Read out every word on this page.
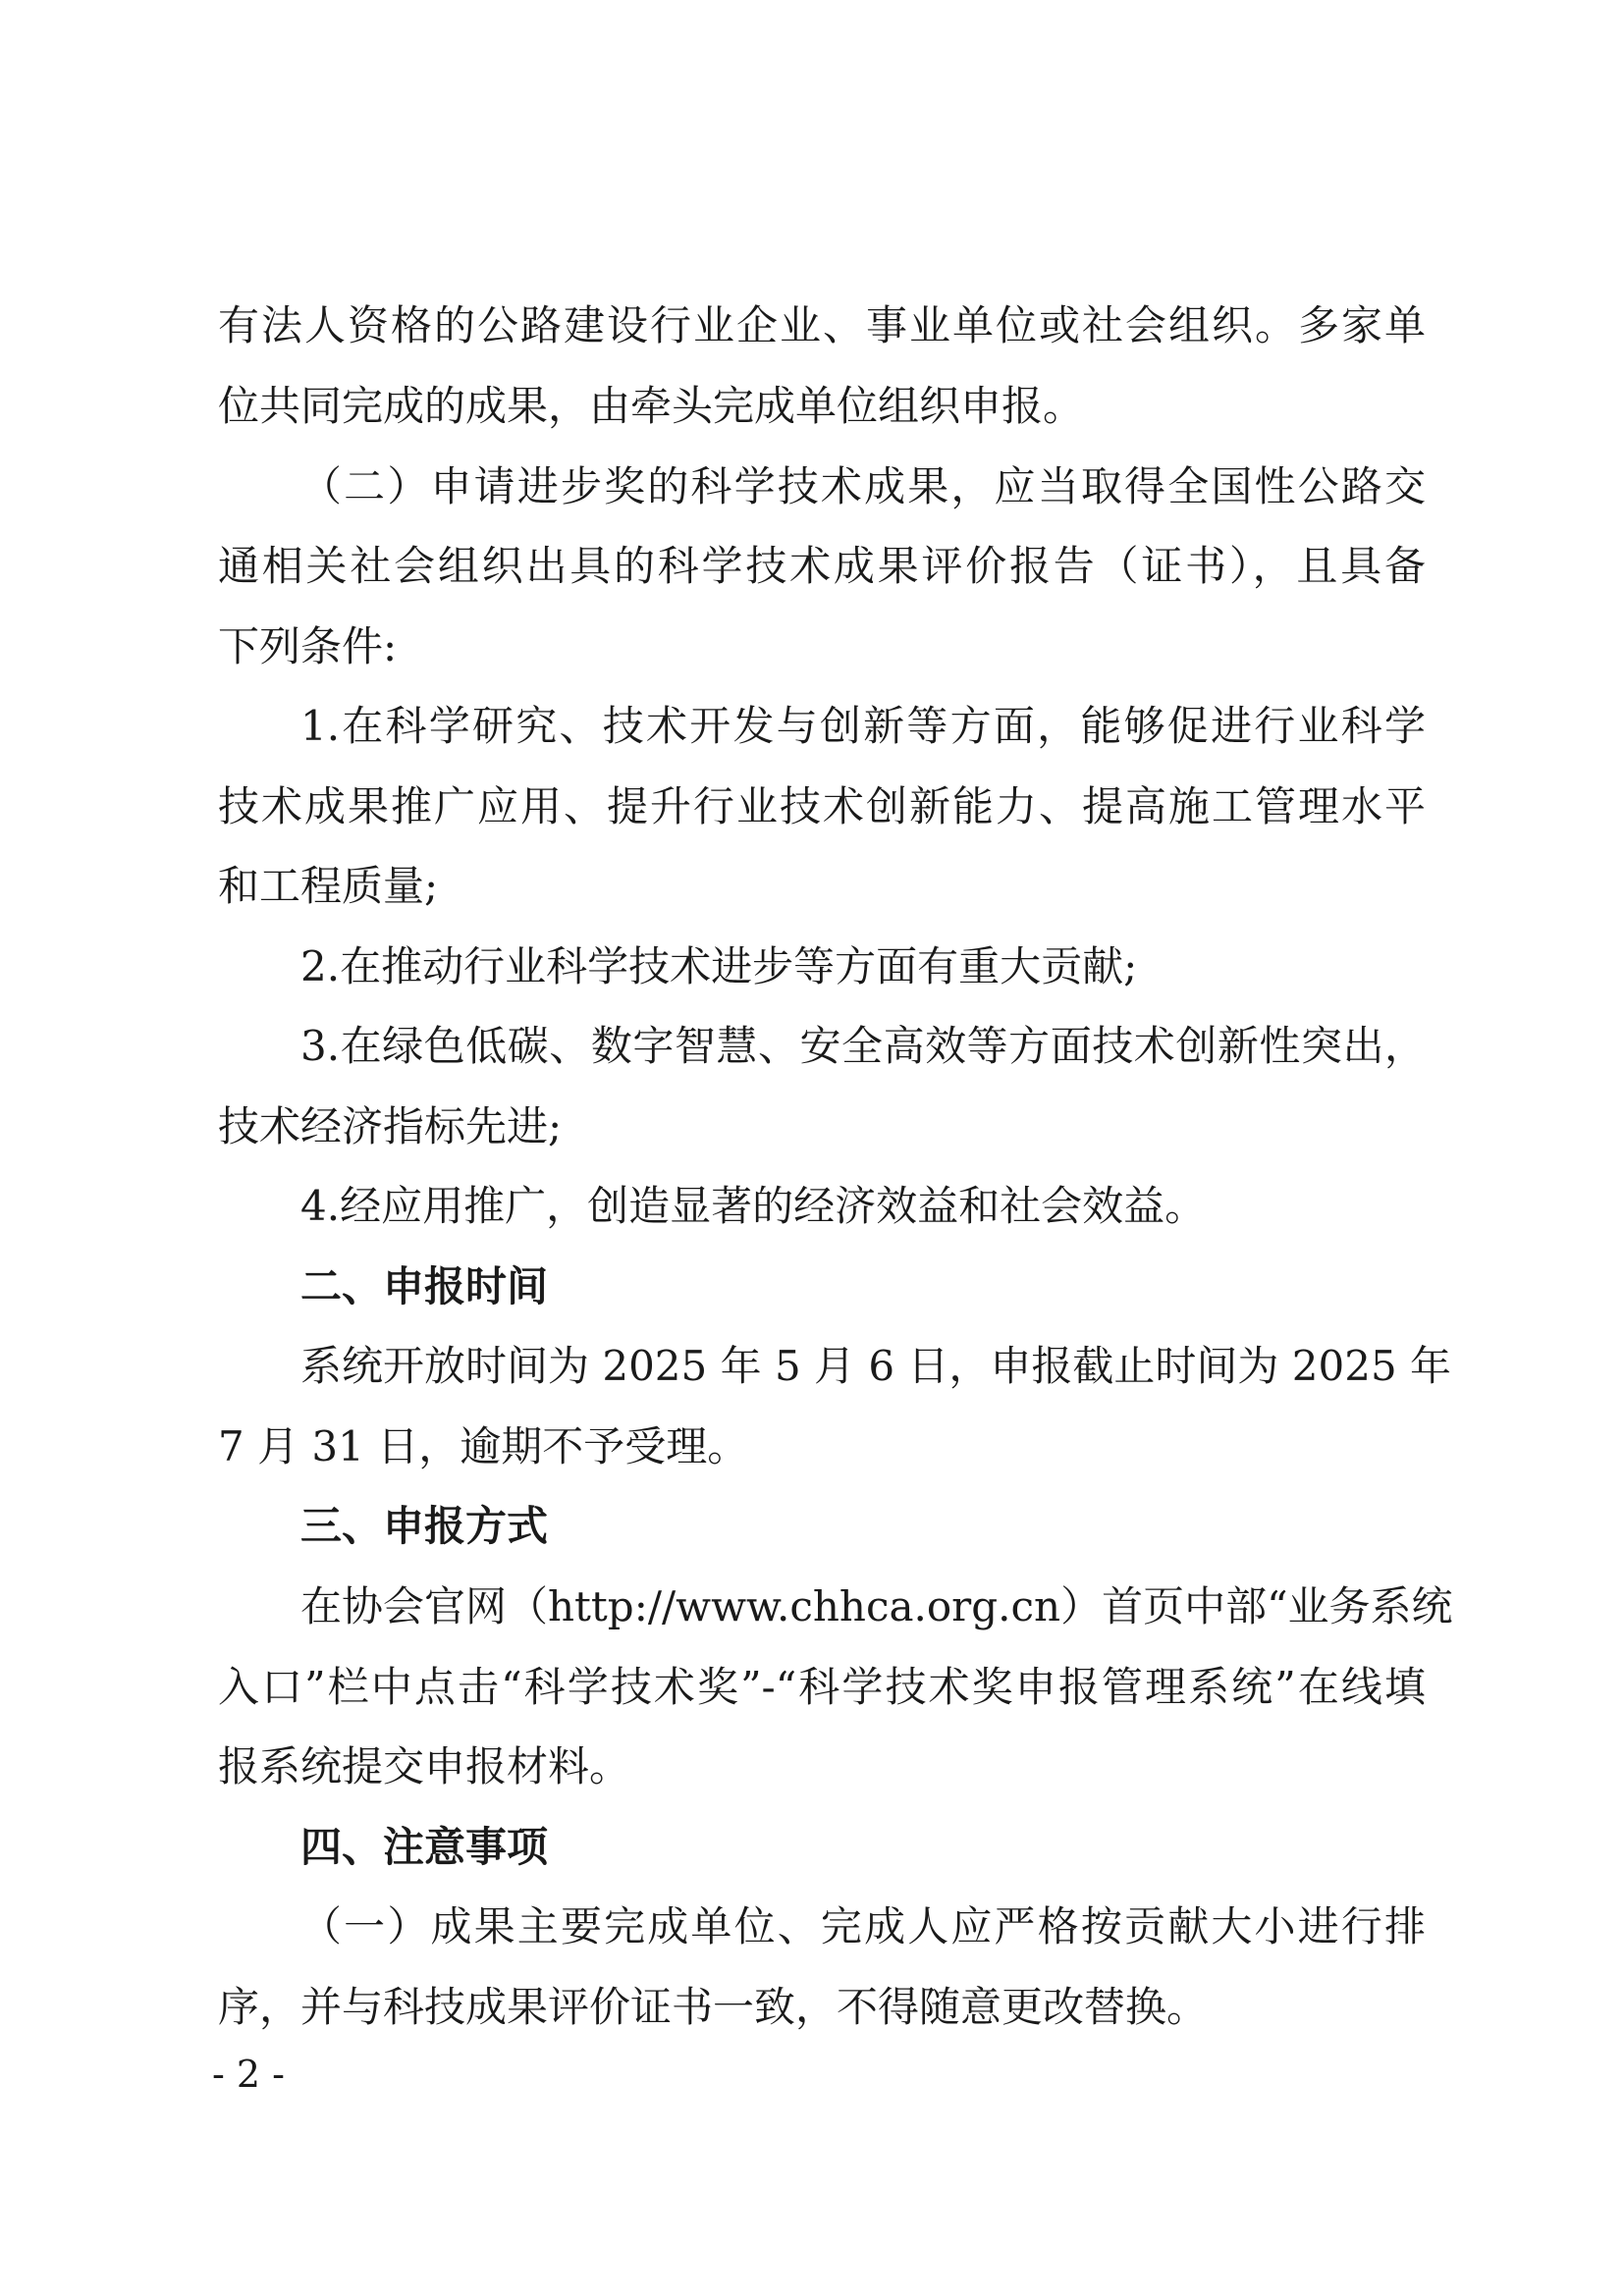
有法人资格的公路建设行业企业、事业单位或社会组织。多家单
位共同完成的成果，由牵头完成单位组织申报。
（二）申请进步奖的科学技术成果，应当取得全国性公路交
通相关社会组织出具的科学技术成果评价报告（证书），且具备
下列条件:
1.在科学研究、技术开发与创新等方面，能够促进行业科学
技术成果推广应用、提升行业技术创新能力、提高施工管理水平
和工程质量;
2.在推动行业科学技术进步等方面有重大贡献;
3.在绿色低碳、数字智慧、安全高效等方面技术创新性突出，
技术经济指标先进;
4.经应用推广，创造显著的经济效益和社会效益。
二、申报时间
系统开放时间为 2025 年 5 月 6 日，申报截止时间为 2025 年
7 月 31 日，逾期不予受理。
三、申报方式
在协会官网（http://www.chhca.org.cn）首页中部“业务系统
入口”栏中点击“科学技术奖”-“科学技术奖申报管理系统”在线填
报系统提交申报材料。
四、注意事项
（一）成果主要完成单位、完成人应严格按贡献大小进行排
序，并与科技成果评价证书一致，不得随意更改替换。
- 2 -
